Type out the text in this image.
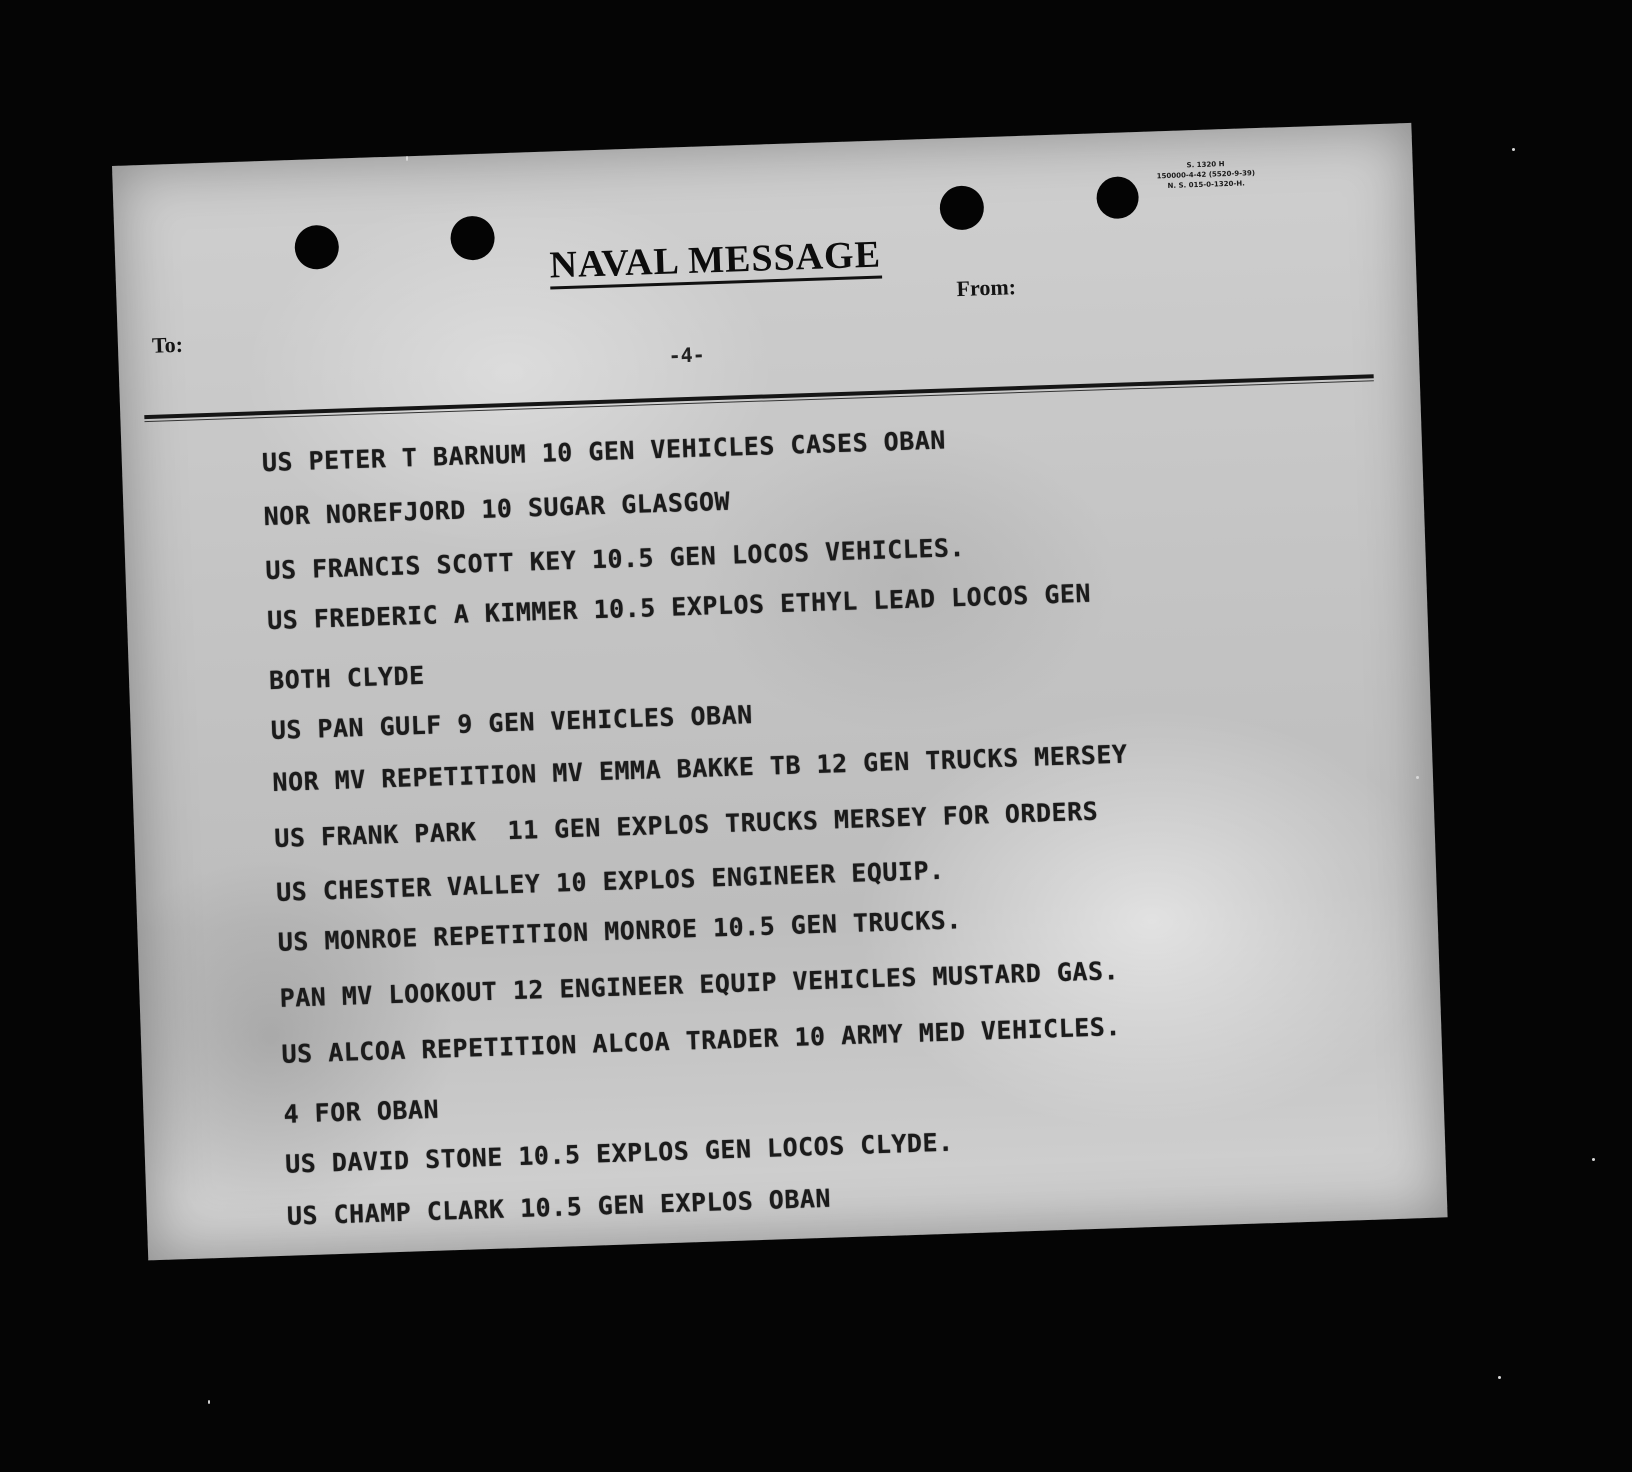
S. 1320 H
150000-4-42 (5520-9-39)
N. S. 015-0-1320-H.
NAVAL MESSAGE
From:
To:	-4-

US PETER T BARNUM 10 GEN VEHICLES CASES OBAN

NOR NOREFJORD 10 SUGAR GLASGOW

US FRANCIS SCOTT KEY 10.5 GEN LOCOS VEHICLES.

US FREDERIC A KIMMER 10.5 EXPLOS ETHYL LEAD LOCOS GEN

BOTH CLYDE

US PAN GULF 9 GEN VEHICLES OBAN

NOR MV REPETITION MV EMMA BAKKE TB 12 GEN TRUCKS MERSEY

US FRANK PARK  11 GEN EXPLOS TRUCKS MERSEY FOR ORDERS

US CHESTER VALLEY 10 EXPLOS ENGINEER EQUIP.

US MONROE REPETITION MONROE 10.5 GEN TRUCKS.

PAN MV LOOKOUT 12 ENGINEER EQUIP VEHICLES MUSTARD GAS.

US ALCOA REPETITION ALCOA TRADER 10 ARMY MED VEHICLES.

4 FOR OBAN

US DAVID STONE 10.5 EXPLOS GEN LOCOS CLYDE.

US CHAMP CLARK 10.5 GEN EXPLOS OBAN
